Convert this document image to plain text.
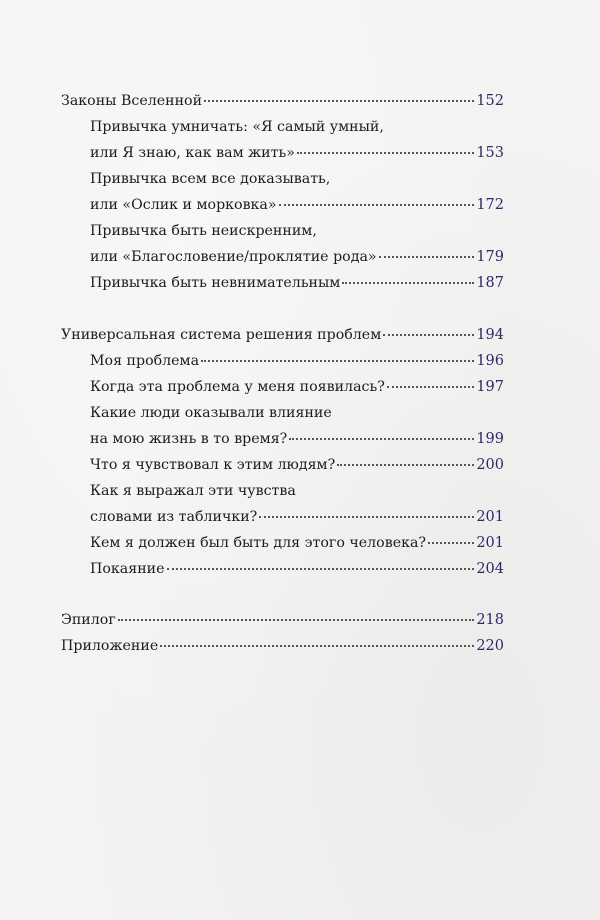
Законы Вселенной	152
Привычка умничать: «Я самый умный,
или Я знаю, как вам жить»	153
Привычка всем все доказывать,
или «Ослик и морковка»	172
Привычка быть неискренним,
или «Благословение/проклятие рода»	179
Привычка быть невнимательным	187
Универсальная система решения проблем	194
Моя проблема	196
Когда эта проблема у меня появилась?	197
Какие люди оказывали влияние
на мою жизнь в то время?	199
Что я чувствовал к этим людям?	200
Как я выражал эти чувства
словами из таблички?	201
Кем я должен был быть для этого человека?	201
Покаяние	204
Эпилог	218
Приложение	220
